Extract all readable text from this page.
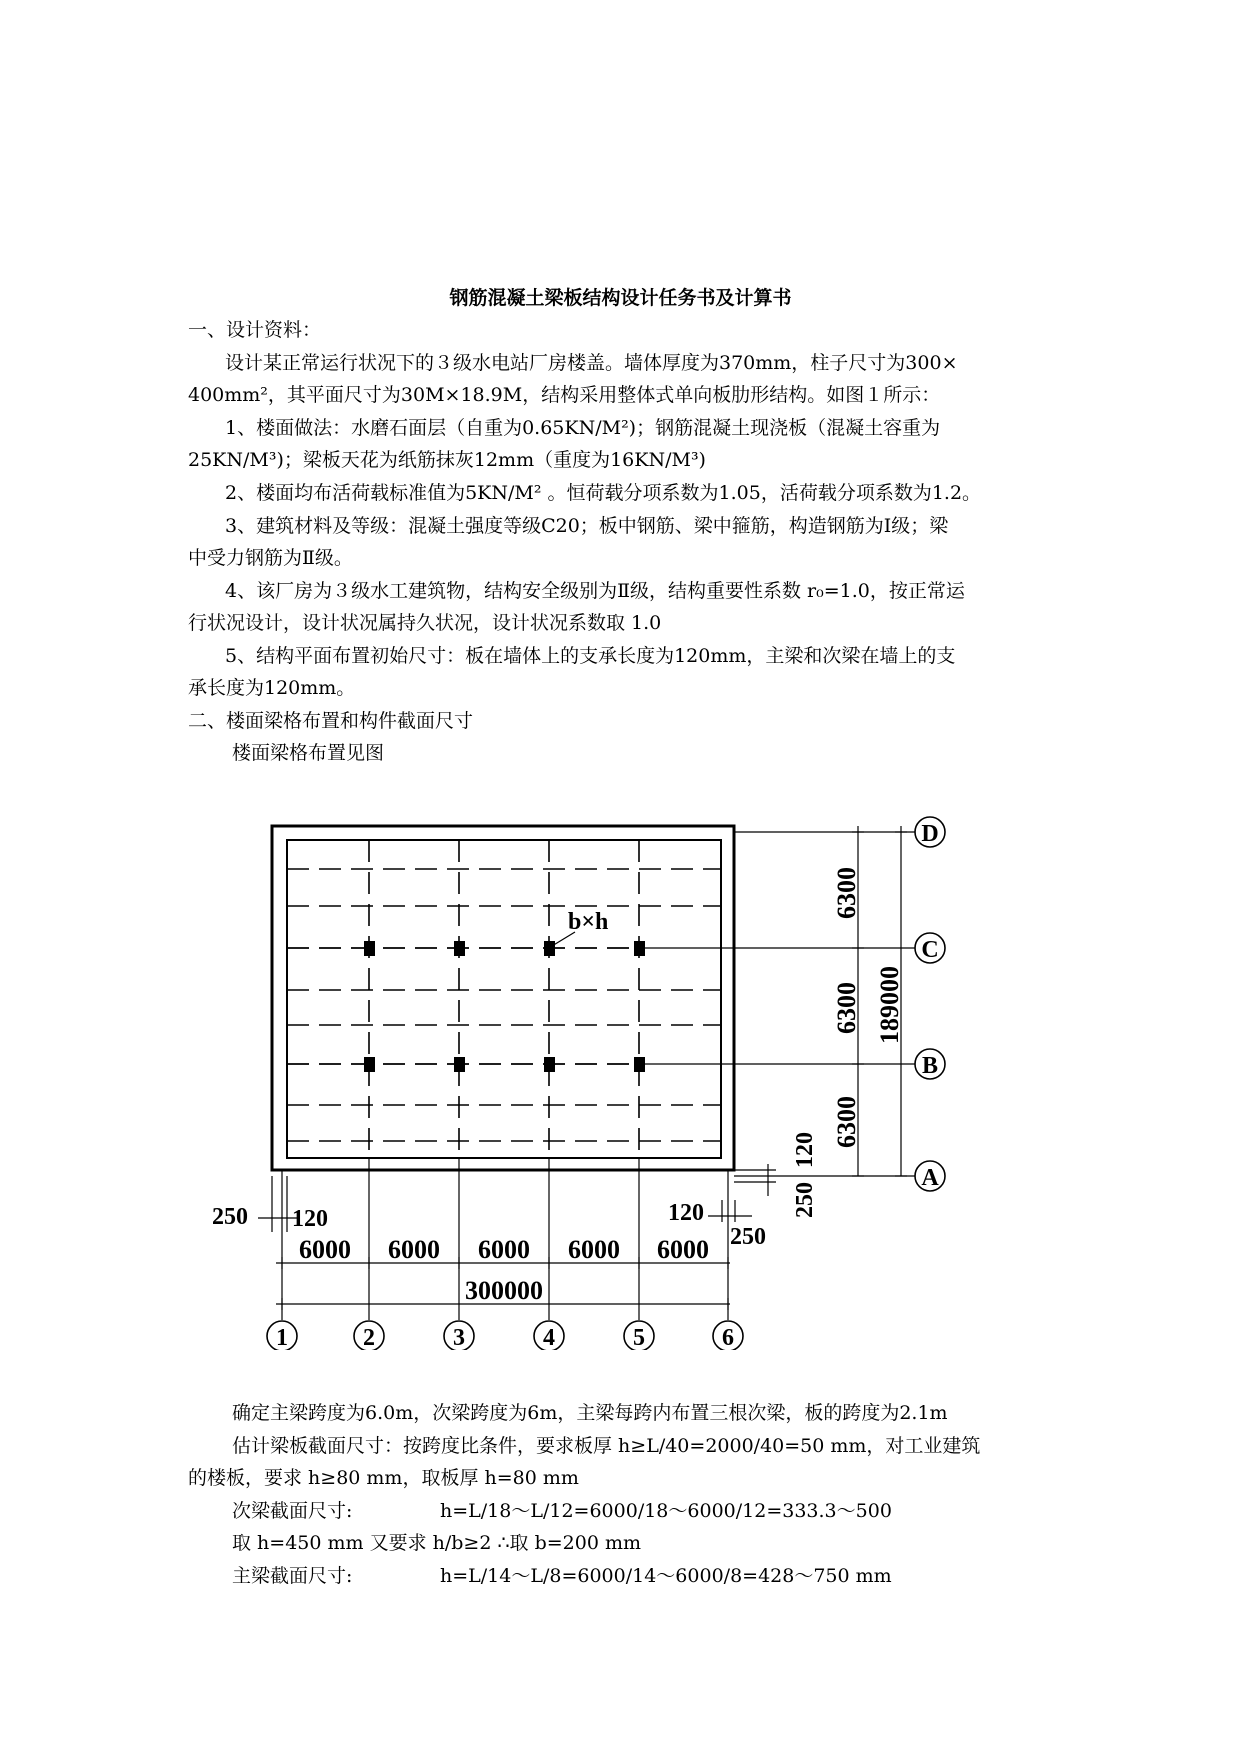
钢筋混凝土梁板结构设计任务书及计算书
一、设计资料：
设计某正常运行状况下的３级水电站厂房楼盖。墙体厚度为370mm，柱子尺寸为300×
400mm²，其平面尺寸为30M×18.9M，结构采用整体式单向板肋形结构。如图１所示：
1、楼面做法：水磨石面层（自重为0.65KN/M²)；钢筋混凝土现浇板（混凝土容重为
25KN/M³)；梁板天花为纸筋抹灰12mm（重度为16KN/M³)
2、楼面均布活荷载标准值为5KN/M² 。恒荷载分项系数为1.05，活荷载分项系数为1.2。
3、建筑材料及等级：混凝土强度等级C20；板中钢筋、梁中箍筋，构造钢筋为Ⅰ级；梁
中受力钢筋为Ⅱ级。
4、该厂房为３级水工建筑物，结构安全级别为Ⅱ级，结构重要性系数 r₀=1.0，按正常运
行状况设计，设计状况属持久状况，设计状况系数取 1.0
5、结构平面布置初始尺寸：板在墙体上的支承长度为120mm，主梁和次梁在墙上的支
承长度为120mm。
二、楼面梁格布置和构件截面尺寸
楼面梁格布置见图
b×h
6300
6300
6300
189000
D
C
B
A
250
120
120
250
250 120
6000 6000 6000 6000 6000
300000
1	2	3	4	5	6
确定主梁跨度为6.0m，次梁跨度为6m，主梁每跨内布置三根次梁，板的跨度为2.1m
估计梁板截面尺寸：按跨度比条件，要求板厚 h≥L/40=2000/40=50 mm，对工业建筑
的楼板，要求 h≥80 mm，取板厚 h=80 mm
次梁截面尺寸:	h=L/18～L/12=6000/18～6000/12=333.3～500
取 h=450 mm 又要求 h/b≥2 ∴取 b=200 mm
主梁截面尺寸:	h=L/14～L/8=6000/14～6000/8=428～750 mm
